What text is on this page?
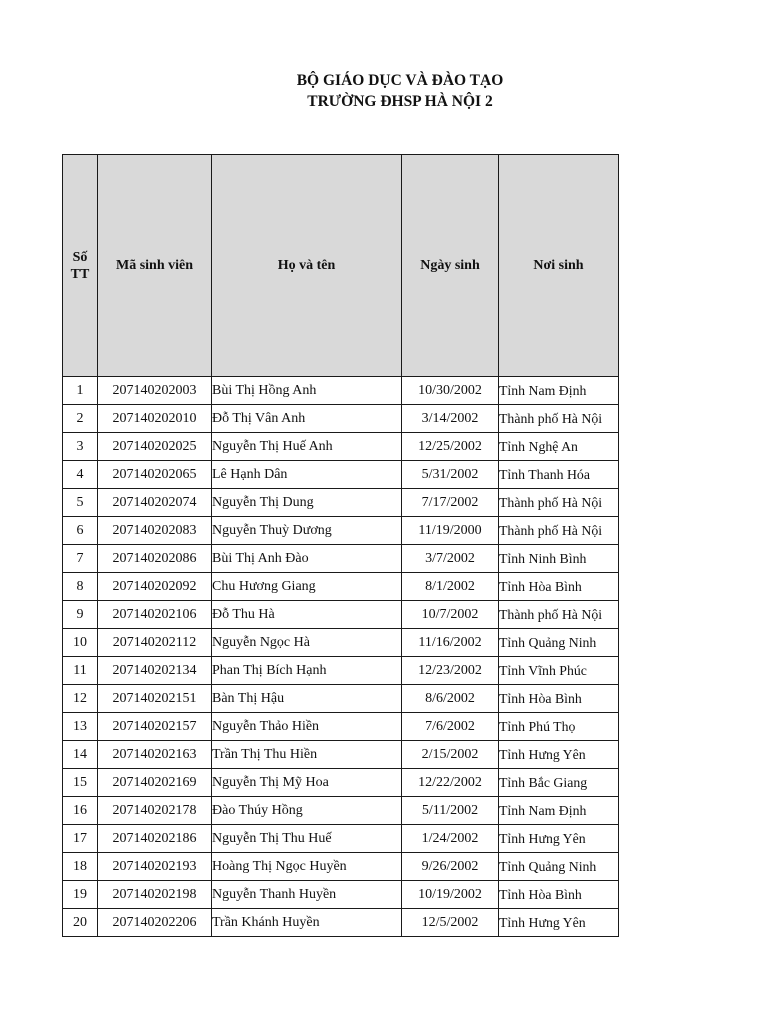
BỘ GIÁO DỤC VÀ ĐÀO TẠO
TRƯỜNG ĐHSP HÀ NỘI 2
Số
TT	Mã sinh viên	Họ và tên	Ngày sinh	Nơi sinh
1	207140202003	Bùi Thị Hồng Anh	10/30/2002	Tỉnh Nam Định
2	207140202010	Đỗ Thị Vân Anh	3/14/2002	Thành phố Hà Nội
3	207140202025	Nguyễn Thị Huế Anh	12/25/2002	Tỉnh Nghệ An
4	207140202065	Lê Hạnh Dân	5/31/2002	Tỉnh Thanh Hóa
5	207140202074	Nguyễn Thị Dung	7/17/2002	Thành phố Hà Nội
6	207140202083	Nguyễn Thuỳ Dương	11/19/2000	Thành phố Hà Nội
7	207140202086	Bùi Thị Anh Đào	3/7/2002	Tỉnh Ninh Bình
8	207140202092	Chu Hương Giang	8/1/2002	Tỉnh Hòa Bình
9	207140202106	Đỗ Thu Hà	10/7/2002	Thành phố Hà Nội
10	207140202112	Nguyễn Ngọc Hà	11/16/2002	Tỉnh Quảng Ninh
11	207140202134	Phan Thị Bích Hạnh	12/23/2002	Tỉnh Vĩnh Phúc
12	207140202151	Bàn Thị Hậu	8/6/2002	Tỉnh Hòa Bình
13	207140202157	Nguyễn Thảo Hiền	7/6/2002	Tỉnh Phú Thọ
14	207140202163	Trần Thị Thu Hiền	2/15/2002	Tỉnh Hưng Yên
15	207140202169	Nguyễn Thị Mỹ Hoa	12/22/2002	Tỉnh Bắc Giang
16	207140202178	Đào Thúy Hồng	5/11/2002	Tỉnh Nam Định
17	207140202186	Nguyễn Thị Thu Huế	1/24/2002	Tỉnh Hưng Yên
18	207140202193	Hoàng Thị Ngọc Huyền	9/26/2002	Tỉnh Quảng Ninh
19	207140202198	Nguyễn Thanh Huyền	10/19/2002	Tỉnh Hòa Bình
20	207140202206	Trần Khánh Huyền	12/5/2002	Tỉnh Hưng Yên
